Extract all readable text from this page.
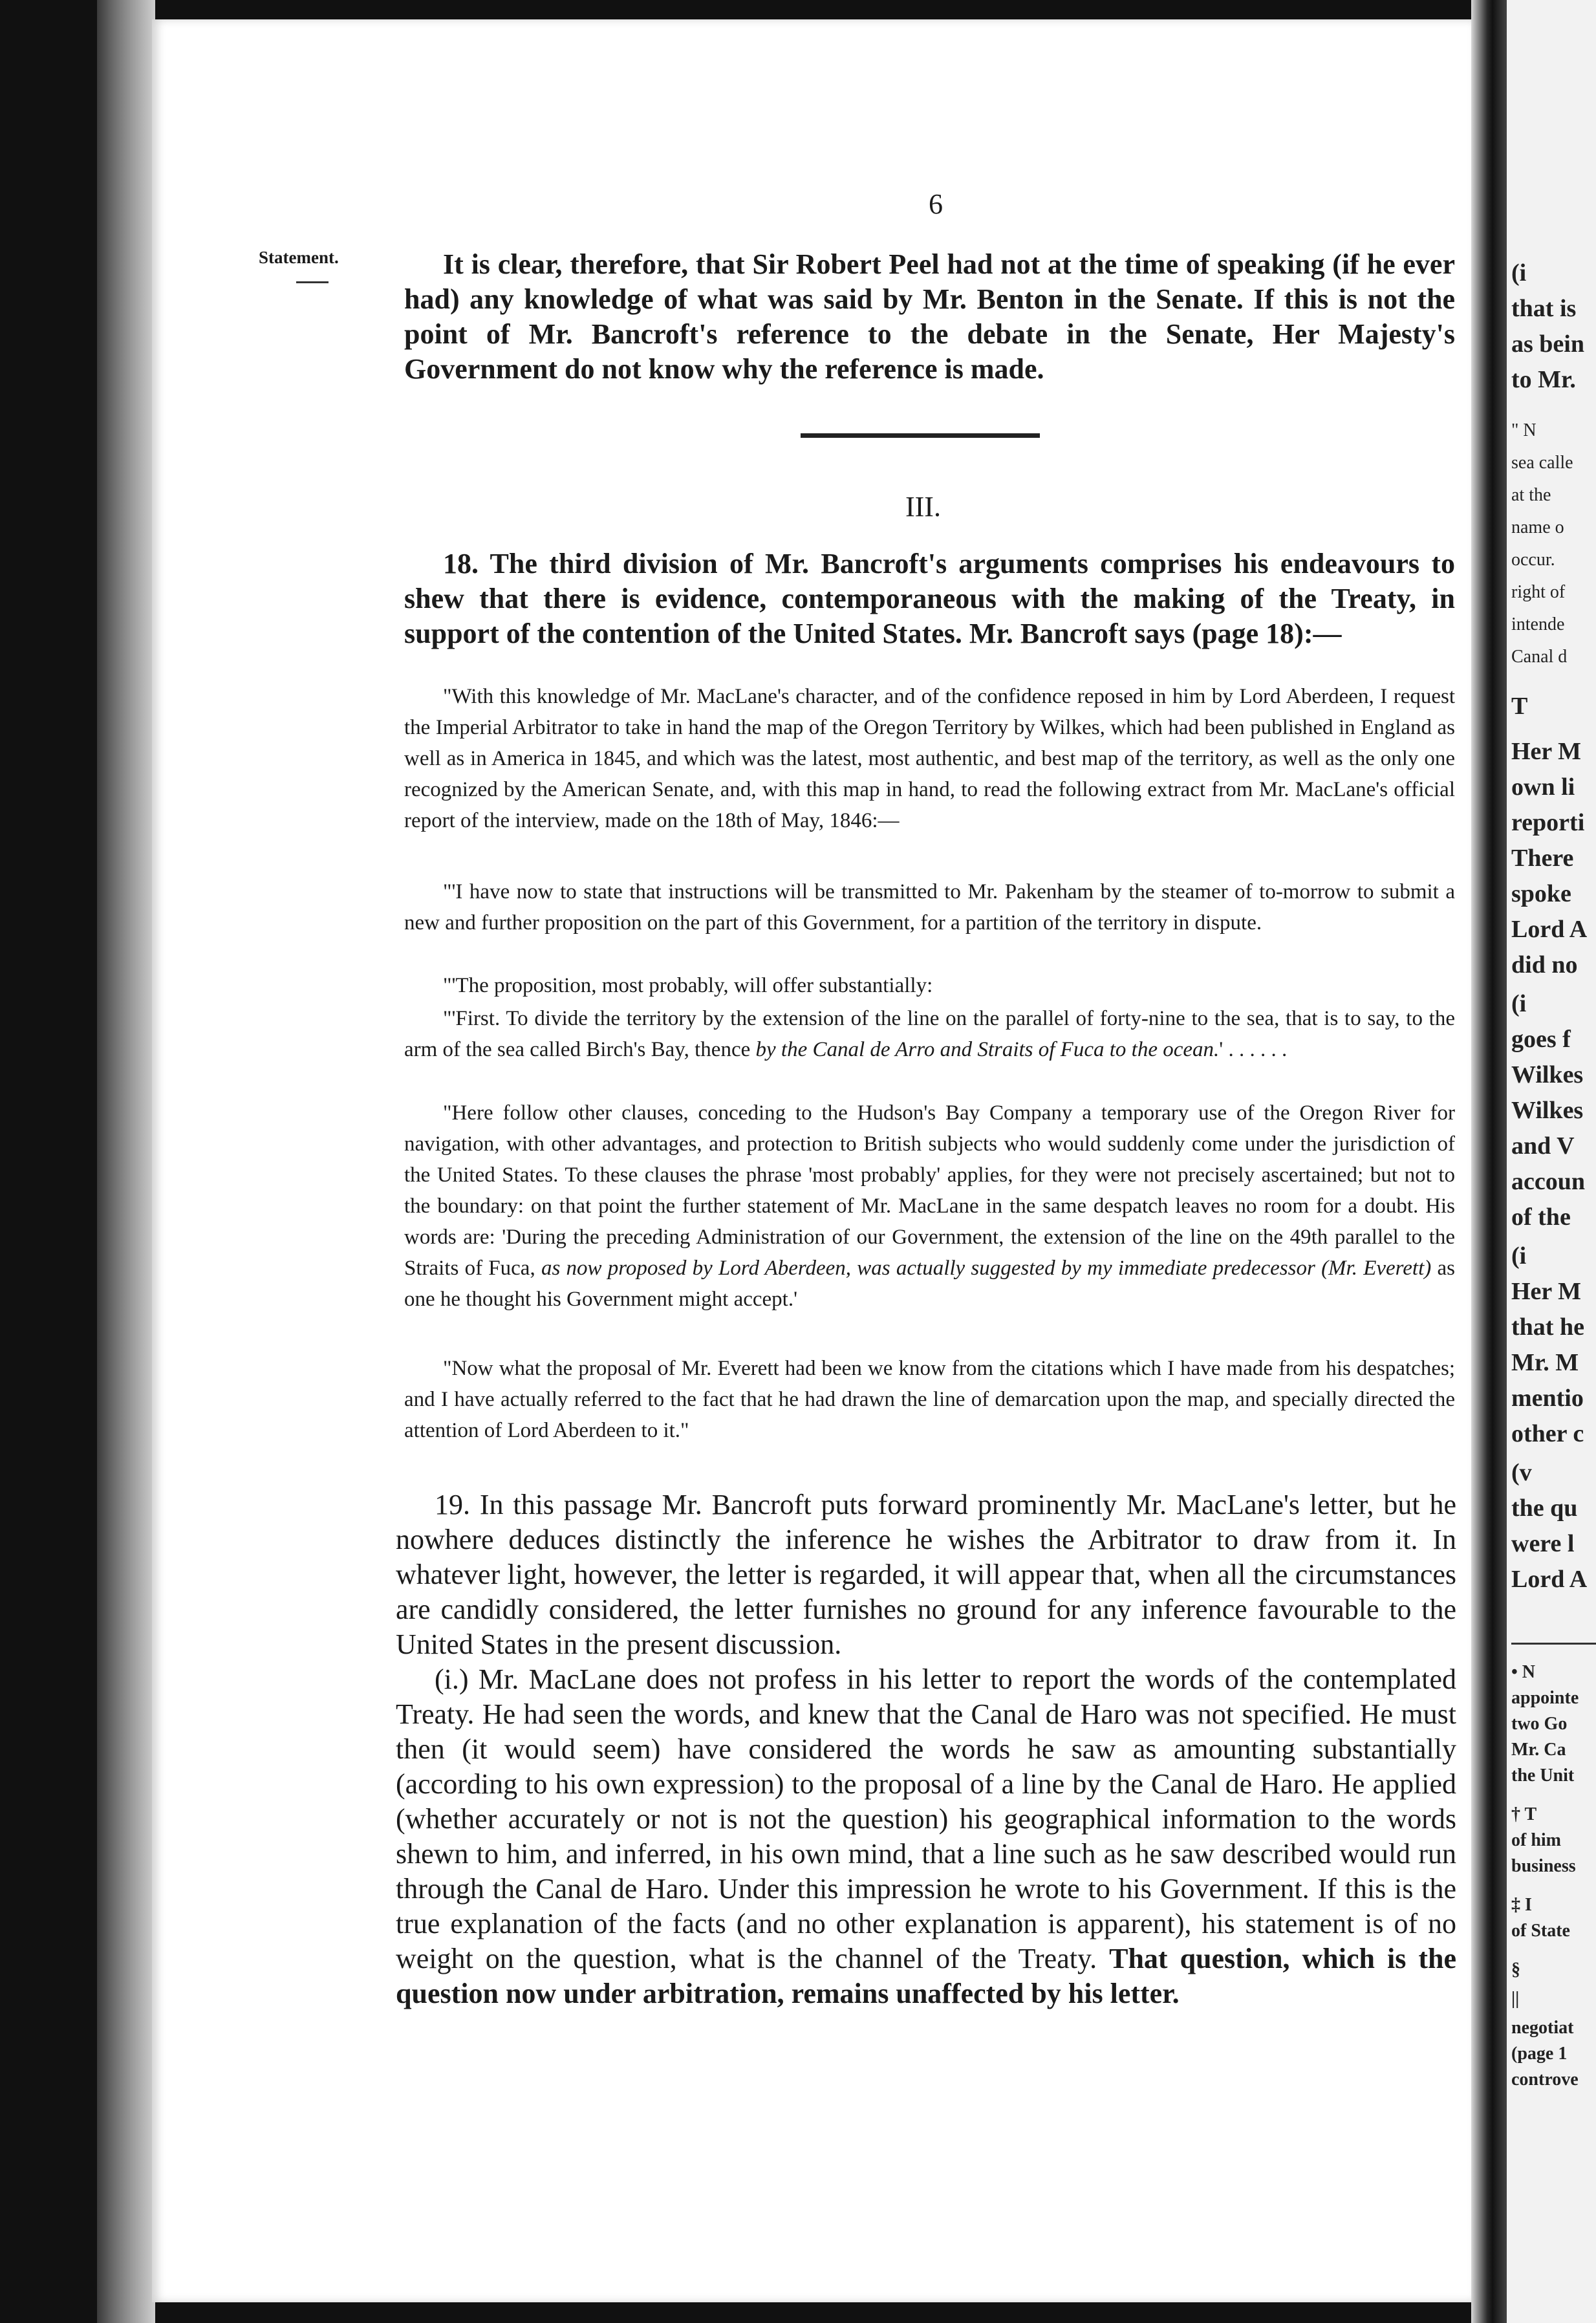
6
Statement.	It is clear, therefore, that Sir Robert Peel had not at the time of speaking (if he ever had) any knowledge of what was said by Mr. Benton in the Senate. If this is not the point of Mr. Bancroft's reference to the debate in the Senate, Her Majesty's Government do not know why the reference is made.

III.

18. The third division of Mr. Bancroft's arguments comprises his endeavours to shew that there is evidence, contemporaneous with the making of the Treaty, in support of the contention of the United States. Mr. Bancroft says (page 18):—

"With this knowledge of Mr. MacLane's character, and of the confidence reposed in him by Lord Aberdeen, I request the Imperial Arbitrator to take in hand the map of the Oregon Territory by Wilkes, which had been published in England as well as in America in 1845, and which was the latest, most authentic, and best map of the territory, as well as the only one recognized by the American Senate, and, with this map in hand, to read the following extract from Mr. MacLane's official report of the interview, made on the 18th of May, 1846:—

"'I have now to state that instructions will be transmitted to Mr. Pakenham by the steamer of to-morrow to submit a new and further proposition on the part of this Government, for a partition of the territory in dispute.

"'The proposition, most probably, will offer substantially:

"'First. To divide the territory by the extension of the line on the parallel of forty-nine to the sea, that is to say, to the arm of the sea called Birch's Bay, thence by the Canal de Arro and Straits of Fuca to the ocean.' . . . . . .

"Here follow other clauses, conceding to the Hudson's Bay Company a temporary use of the Oregon River for navigation, with other advantages, and protection to British subjects who would suddenly come under the jurisdiction of the United States. To these clauses the phrase 'most probably' applies, for they were not precisely ascertained; but not to the boundary: on that point the further statement of Mr. MacLane in the same despatch leaves no room for a doubt. His words are: 'During the preceding Administration of our Government, the extension of the line on the 49th parallel to the Straits of Fuca, as now proposed by Lord Aberdeen, was actually suggested by my immediate predecessor (Mr. Everett) as one he thought his Government might accept.'

"Now what the proposal of Mr. Everett had been we know from the citations which I have made from his despatches; and I have actually referred to the fact that he had drawn the line of demarcation upon the map, and specially directed the attention of Lord Aberdeen to it."

19. In this passage Mr. Bancroft puts forward prominently Mr. MacLane's letter, but he nowhere deduces distinctly the inference he wishes the Arbitrator to draw from it. In whatever light, however, the letter is regarded, it will appear that, when all the circumstances are candidly considered, the letter furnishes no ground for any inference favourable to the United States in the present discussion.

(i.) Mr. MacLane does not profess in his letter to report the words of the contemplated Treaty. He had seen the words, and knew that the Canal de Haro was not specified. He must then (it would seem) have considered the words he saw as amounting substantially (according to his own expression) to the proposal of a line by the Canal de Haro. He applied (whether accurately or not is not the question) his geographical information to the words shewn to him, and inferred, in his own mind, that a line such as he saw described would run through the Canal de Haro. Under this impression he wrote to his Government. If this is the true explanation of the facts (and no other explanation is apparent), his statement is of no weight on the question, what is the channel of the Treaty. That question, which is the question now under arbitration, remains unaffected by his letter.

(i
that is
as bein
to Mr.
" N
sea calle
at the
name o
occur.
right of
intende
Canal d
T
Her M
own li
reporti
There
spoke
Lord A
did no
(i
goes f
Wilkes
Wilkes
and V
accoun
of the
(i
Her M
that he
Mr. M
mentio
other c
(v
the qu
were l
Lord A
• N
appointe
two Go
Mr. Ca
the Unit
† T
of him
business
‡ I
of State
§
||
negotiat
(page 1
controve
